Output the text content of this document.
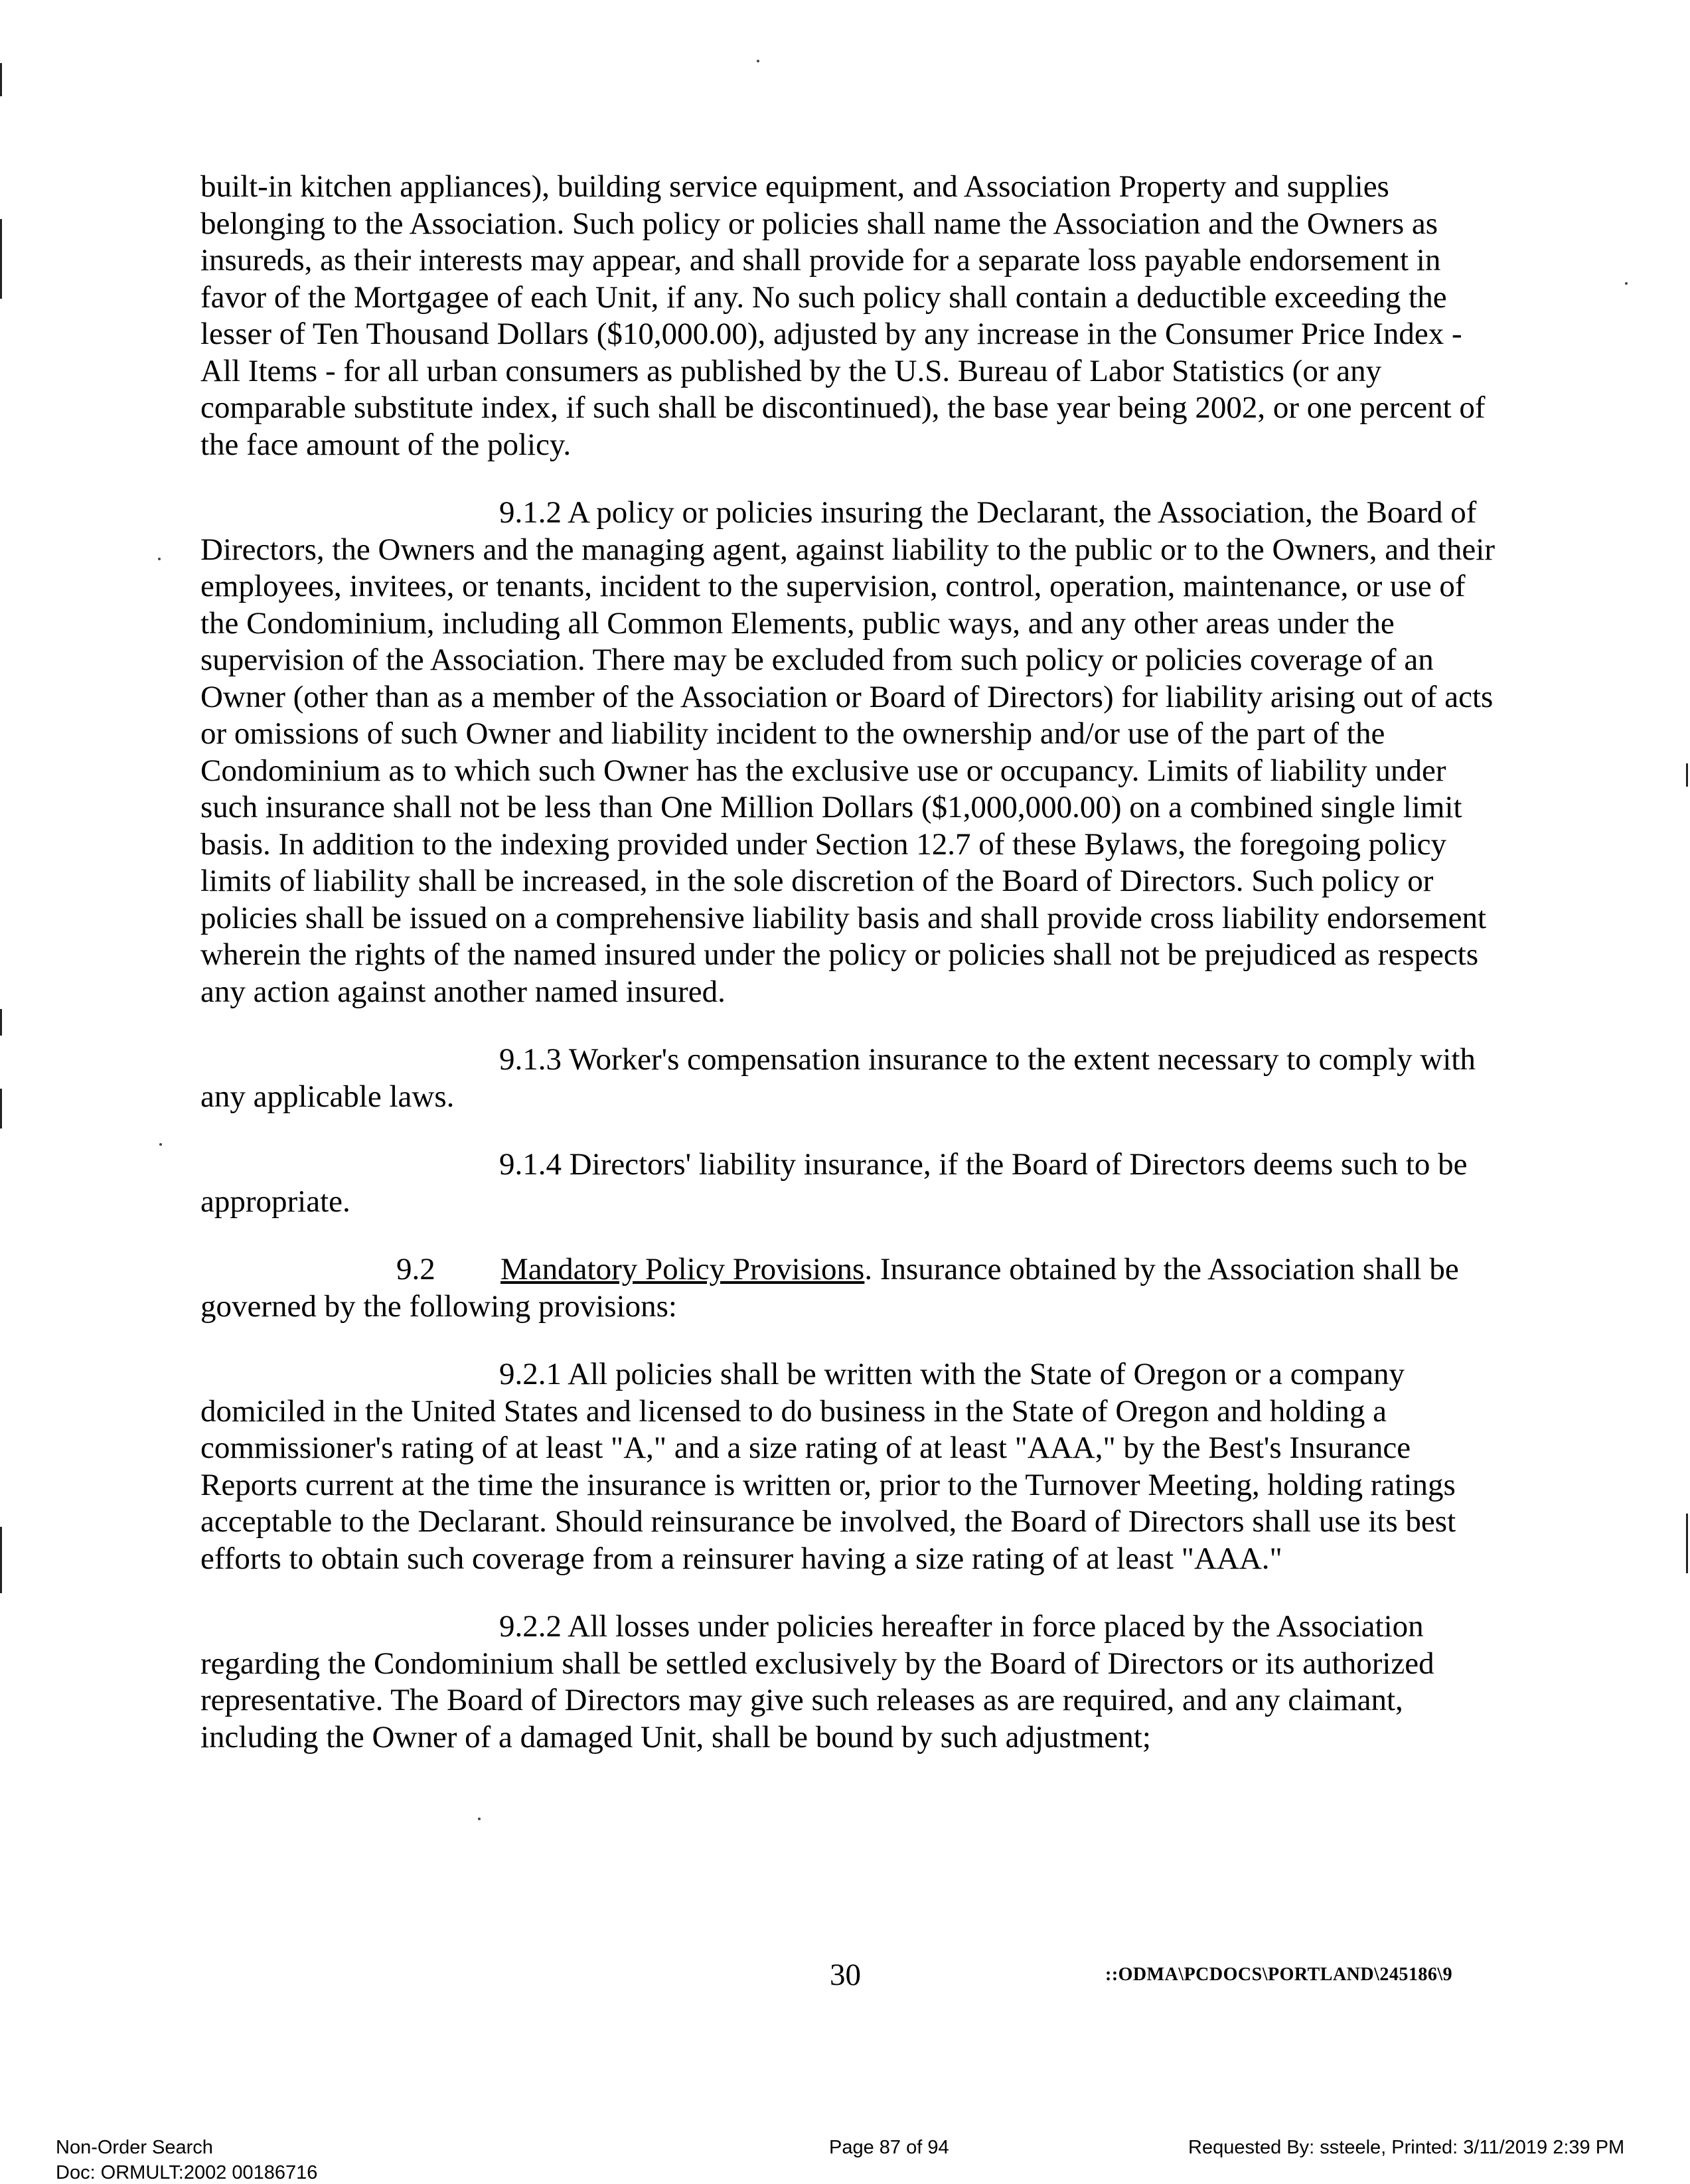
built-in kitchen appliances), building service equipment, and Association Property and supplies belonging to the Association. Such policy or policies shall name the Association and the Owners as insureds, as their interests may appear, and shall provide for a separate loss payable endorsement in favor of the Mortgagee of each Unit, if any. No such policy shall contain a deductible exceeding the lesser of Ten Thousand Dollars ($10,000.00), adjusted by any increase in the Consumer Price Index - All Items - for all urban consumers as published by the U.S. Bureau of Labor Statistics (or any comparable substitute index, if such shall be discontinued), the base year being 2002, or one percent of the face amount of the policy.

9.1.2 A policy or policies insuring the Declarant, the Association, the Board of Directors, the Owners and the managing agent, against liability to the public or to the Owners, and their employees, invitees, or tenants, incident to the supervision, control, operation, maintenance, or use of the Condominium, including all Common Elements, public ways, and any other areas under the supervision of the Association. There may be excluded from such policy or policies coverage of an Owner (other than as a member of the Association or Board of Directors) for liability arising out of acts or omissions of such Owner and liability incident to the ownership and/or use of the part of the Condominium as to which such Owner has the exclusive use or occupancy. Limits of liability under such insurance shall not be less than One Million Dollars ($1,000,000.00) on a combined single limit basis. In addition to the indexing provided under Section 12.7 of these Bylaws, the foregoing policy limits of liability shall be increased, in the sole discretion of the Board of Directors. Such policy or policies shall be issued on a comprehensive liability basis and shall provide cross liability endorsement wherein the rights of the named insured under the policy or policies shall not be prejudiced as respects any action against another named insured.

9.1.3 Worker's compensation insurance to the extent necessary to comply with any applicable laws.

9.1.4 Directors' liability insurance, if the Board of Directors deems such to be appropriate.

9.2 Mandatory Policy Provisions. Insurance obtained by the Association shall be governed by the following provisions:

9.2.1 All policies shall be written with the State of Oregon or a company domiciled in the United States and licensed to do business in the State of Oregon and holding a commissioner's rating of at least "A," and a size rating of at least "AAA," by the Best's Insurance Reports current at the time the insurance is written or, prior to the Turnover Meeting, holding ratings acceptable to the Declarant. Should reinsurance be involved, the Board of Directors shall use its best efforts to obtain such coverage from a reinsurer having a size rating of at least "AAA."

9.2.2 All losses under policies hereafter in force placed by the Association regarding the Condominium shall be settled exclusively by the Board of Directors or its authorized representative. The Board of Directors may give such releases as are required, and any claimant, including the Owner of a damaged Unit, shall be bound by such adjustment;

30	::ODMA\PCDOCS\PORTLAND\245186\9
Non-Order Search
Doc: ORMULT:2002 00186716
Page 87 of 94	Requested By: ssteele, Printed: 3/11/2019 2:39 PM
